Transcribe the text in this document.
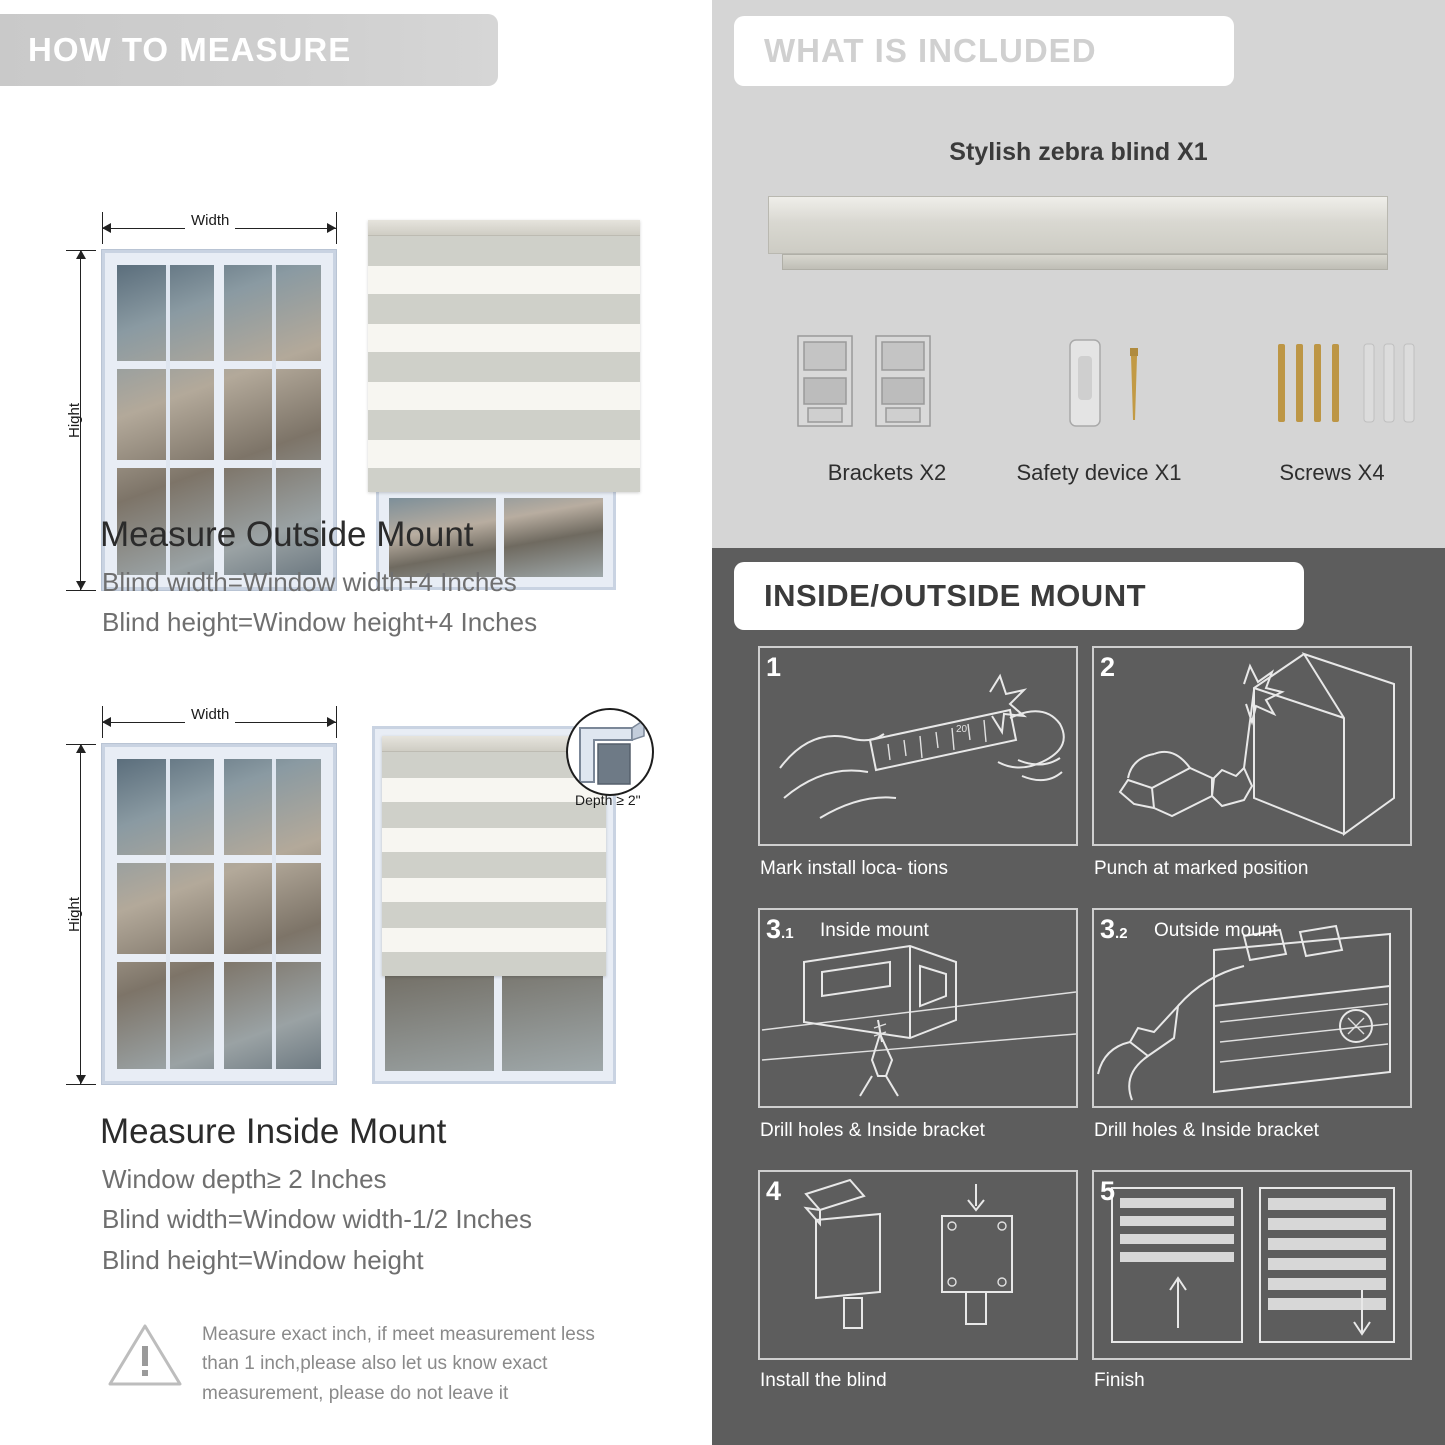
HOW TO MEASURE
Width
Hight
Measure Outside Mount

Blind width=Window width+4 Inches

Blind height=Window height+4 Inches

Width
Hight
Depth ≥ 2"
Measure Inside Mount

Window depth≥ 2 Inches

Blind width=Window width-1/2 Inches

Blind height=Window height

Measure exact inch, if meet measurement less
than 1 inch,please also let us know exact
measurement, please do not leave it
WHAT IS INCLUDED
Stylish zebra blind X1
Brackets X2	Safety device X1	Screws X4
INSIDE/OUTSIDE MOUNT
20
1
Mark install loca- tions
2
Punch at marked position
3.1 Inside mount
Drill holes & Inside bracket
3.2 Outside mount
Drill holes & Inside bracket
4
Install the blind
5
Finish
